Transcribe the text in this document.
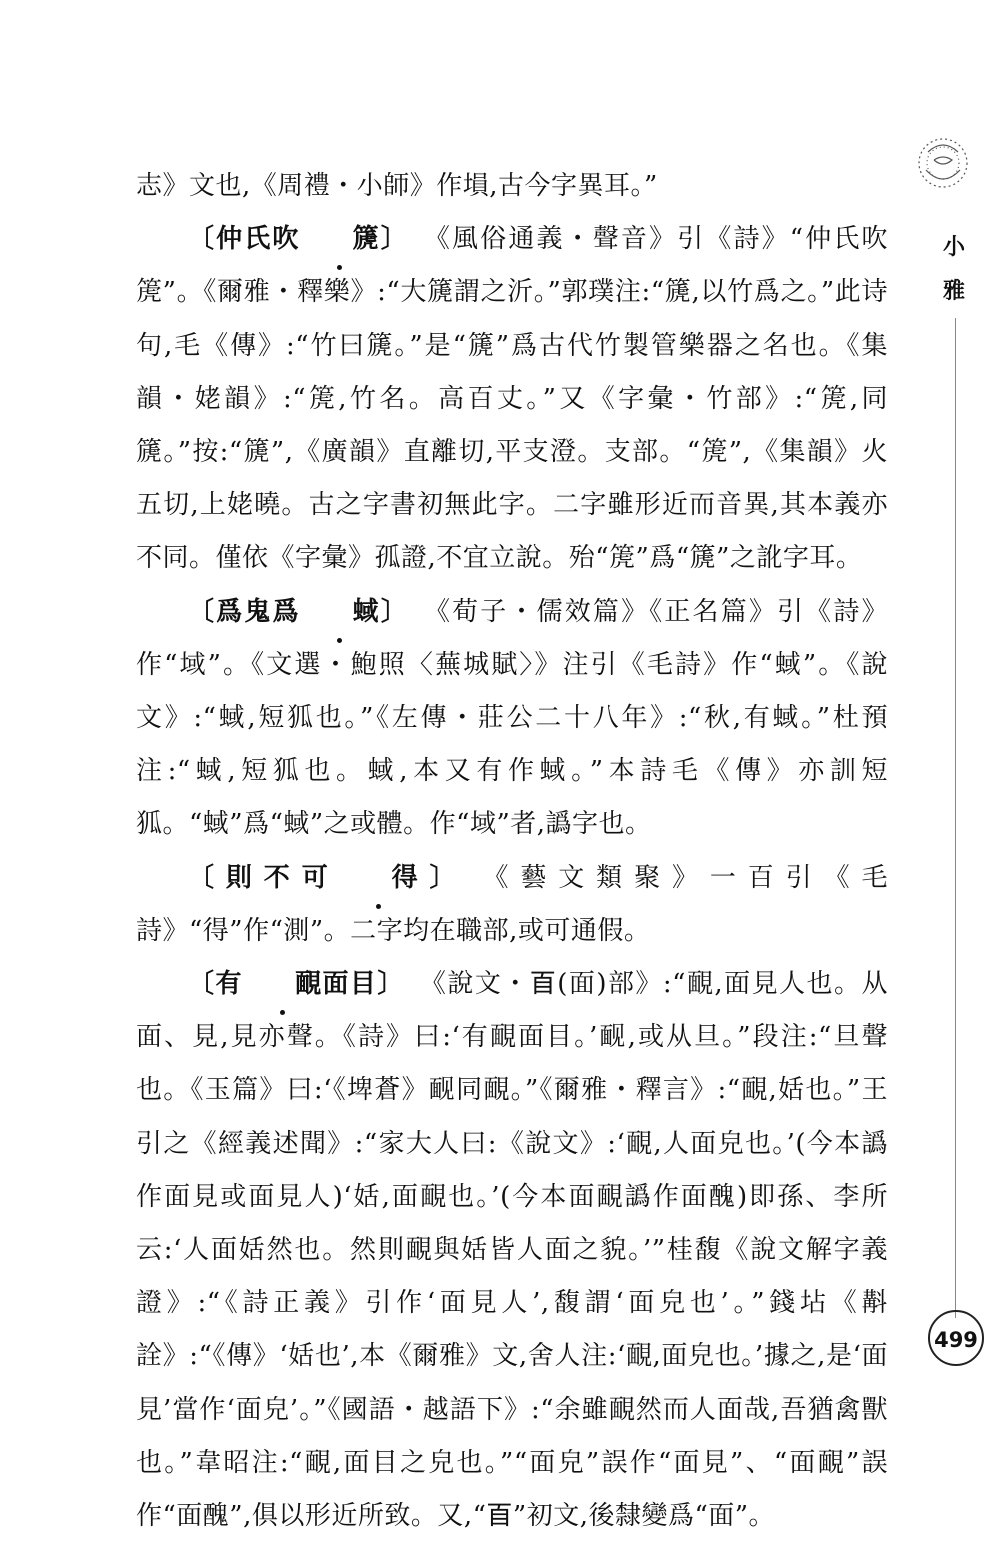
小
雅

志》文也,《周禮・小師》作塤,古今字異耳。”

〔仲氏吹 篪〕 《風俗通義・聲音》引《詩》“仲氏吹箎”。《爾雅・釋樂》:“大篪謂之沂。”郭璞注:“篪,以竹爲之。”此诗句,毛《傳》:“竹曰篪。”是“篪”爲古代竹製管樂器之名也。《集韻・姥韻》:“箎,竹名。高百丈。”又《字彙・竹部》:“箎,同篪。”按:“篪”,《廣韻》直離切,平支澄。支部。“箎”,《集韻》火五切,上姥曉。古之字書初無此字。二字雖形近而音異,其本義亦不同。僅依《字彙》孤證,不宜立說。殆“箎”爲“篪”之訛字耳。

〔爲鬼爲 蜮〕 《荀子・儒效篇》《正名篇》引《詩》作“域”。《文選・鮑照〈蕪城賦〉》注引《毛詩》作“蜮”。《說文》:“蜮,短狐也。”《左傳・莊公二十八年》:“秋,有蜮。”杜預注:“蜮,短狐也。蜮,本又有作蜮。”本詩毛《傳》亦訓短狐。“蜮”爲“蜮”之或體。作“域”者,譌字也。

〔則不可 得〕 《藝文類聚》一百引《毛詩》“得”作“測”。二字均在職部,或可通假。

〔有 靦面目〕 《說文・𦣻(面)部》:“靦,面見人也。从面、見,見亦聲。《詩》曰:‘有靦面目。’䩄,或从旦。”段注:“旦聲也。《玉篇》曰:‘《埤蒼》䩄同靦。”《爾雅・釋言》:“靦,姡也。”王引之《經義述聞》:“家大人曰:《說文》:‘靦,人面皃也。’(今本譌作面見或面見人)‘姡,面靦也。’(今本面靦譌作面醜)即孫、李所云:‘人面姡然也。然則靦與姡皆人面之貌。’”桂馥《說文解字義證》:“《詩正義》引作‘面見人’,馥謂‘面皃也’。”錢坫《斠詮》:“《傳》‘姡也’,本《爾雅》文,舍人注:‘靦,面皃也。’據之,是‘面見’當作‘面皃’。”《國語・越語下》:“余雖靦然而人面哉,吾猶禽獸也。”韋昭注:“靦,面目之皃也。”“面皃”誤作“面見”、“面靦”誤作“面醜”,俱以形近所致。又,“𦣻”初文,後隸變爲“面”。

499
